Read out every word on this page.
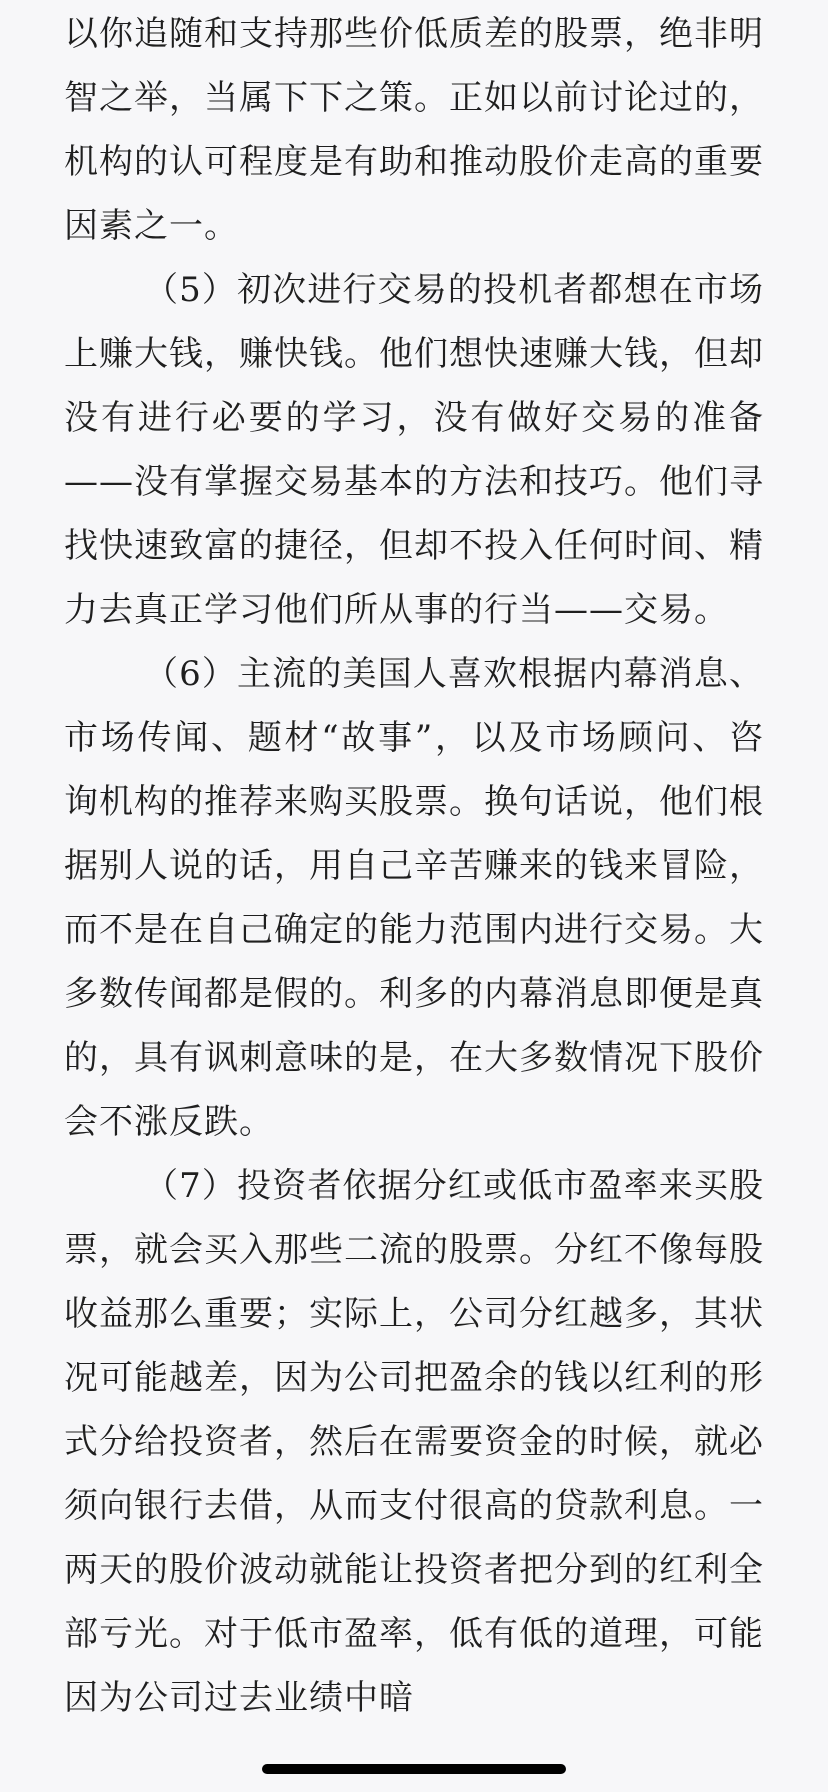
以你追随和支持那些价低质差的股票，绝非明智之举，当属下下之策。正如以前讨论过的，机构的认可程度是有助和推动股价走高的重要因素之一。

（5）初次进行交易的投机者都想在市场上赚大钱，赚快钱。他们想快速赚大钱，但却没有进行必要的学习，没有做好交易的准备——没有掌握交易基本的方法和技巧。他们寻找快速致富的捷径，但却不投入任何时间、精力去真正学习他们所从事的行当——交易。

（6）主流的美国人喜欢根据内幕消息、市场传闻、题材“故事”，以及市场顾问、咨询机构的推荐来购买股票。换句话说，他们根据别人说的话，用自己辛苦赚来的钱来冒险，而不是在自己确定的能力范围内进行交易。大多数传闻都是假的。利多的内幕消息即便是真的，具有讽刺意味的是，在大多数情况下股价会不涨反跌。

（7）投资者依据分红或低市盈率来买股票，就会买入那些二流的股票。分红不像每股收益那么重要；实际上，公司分红越多，其状况可能越差，因为公司把盈余的钱以红利的形式分给投资者，然后在需要资金的时候，就必须向银行去借，从而支付很高的贷款利息。一两天的股价波动就能让投资者把分到的红利全部亏光。对于低市盈率，低有低的道理，可能因为公司过去业绩中暗
